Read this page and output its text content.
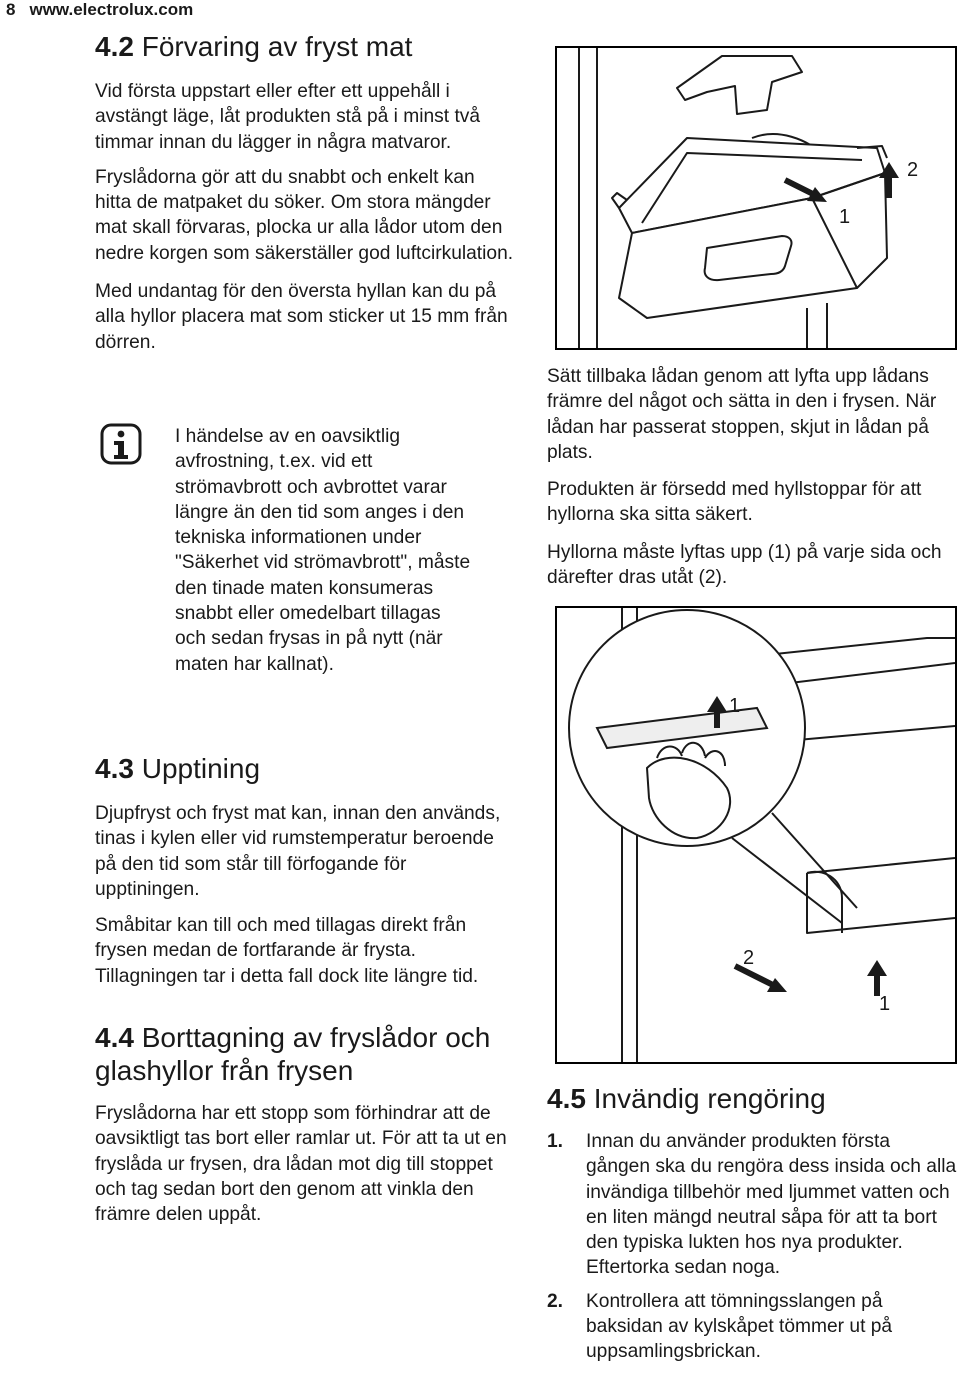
8 www.electrolux.com
4.2 Förvaring av fryst mat

Vid första uppstart eller efter ett uppehåll i avstängt läge, låt produkten stå på i minst två timmar innan du lägger in några matvaror.

Fryslådorna gör att du snabbt och enkelt kan hitta de matpaket du söker. Om stora mängder mat skall förvaras, plocka ur alla lådor utom den nedre korgen som säkerställer god luftcirkulation.

Med undantag för den översta hyllan kan du på alla hyllor placera mat som sticker ut 15 mm från dörren.

I händelse av en oavsiktlig avfrostning, t.ex. vid ett strömavbrott och avbrottet varar längre än den tid som anges i den tekniska informationen under "Säkerhet vid strömavbrott", måste den tinade maten konsumeras snabbt eller omedelbart tillagas och sedan frysas in på nytt (när maten har kallnat).
4.3 Upptining

Djupfryst och fryst mat kan, innan den används, tinas i kylen eller vid rumstemperatur beroende på den tid som står till förfogande för upptiningen.

Småbitar kan till och med tillagas direkt från frysen medan de fortfarande är frysta. Tillagningen tar i detta fall dock lite längre tid.

4.4 Borttagning av fryslådor och glashyllor från frysen

Fryslådorna har ett stopp som förhindrar att de oavsiktligt tas bort eller ramlar ut. För att ta ut en fryslåda ur frysen, dra lådan mot dig till stoppet och tag sedan bort den genom att vinkla den främre delen uppåt.

1
2

Sätt tillbaka lådan genom att lyfta upp lådans främre del något och sätta in den i frysen. När lådan har passerat stoppen, skjut in lådan på plats.

Produkten är försedd med hyllstoppar för att hyllorna ska sitta säkert.

Hyllorna måste lyftas upp (1) på varje sida och därefter dras utåt (2).

1
2
1
4.5 Invändig rengöring
1. Innan du använder produkten första gången ska du rengöra dess insida och alla invändiga tillbehör med ljummet vatten och en liten mängd neutral såpa för att ta bort den typiska lukten hos nya produkter. Eftertorka sedan noga.
2. Kontrollera att tömningsslangen på baksidan av kylskåpet tömmer ut på uppsamlingsbrickan.
